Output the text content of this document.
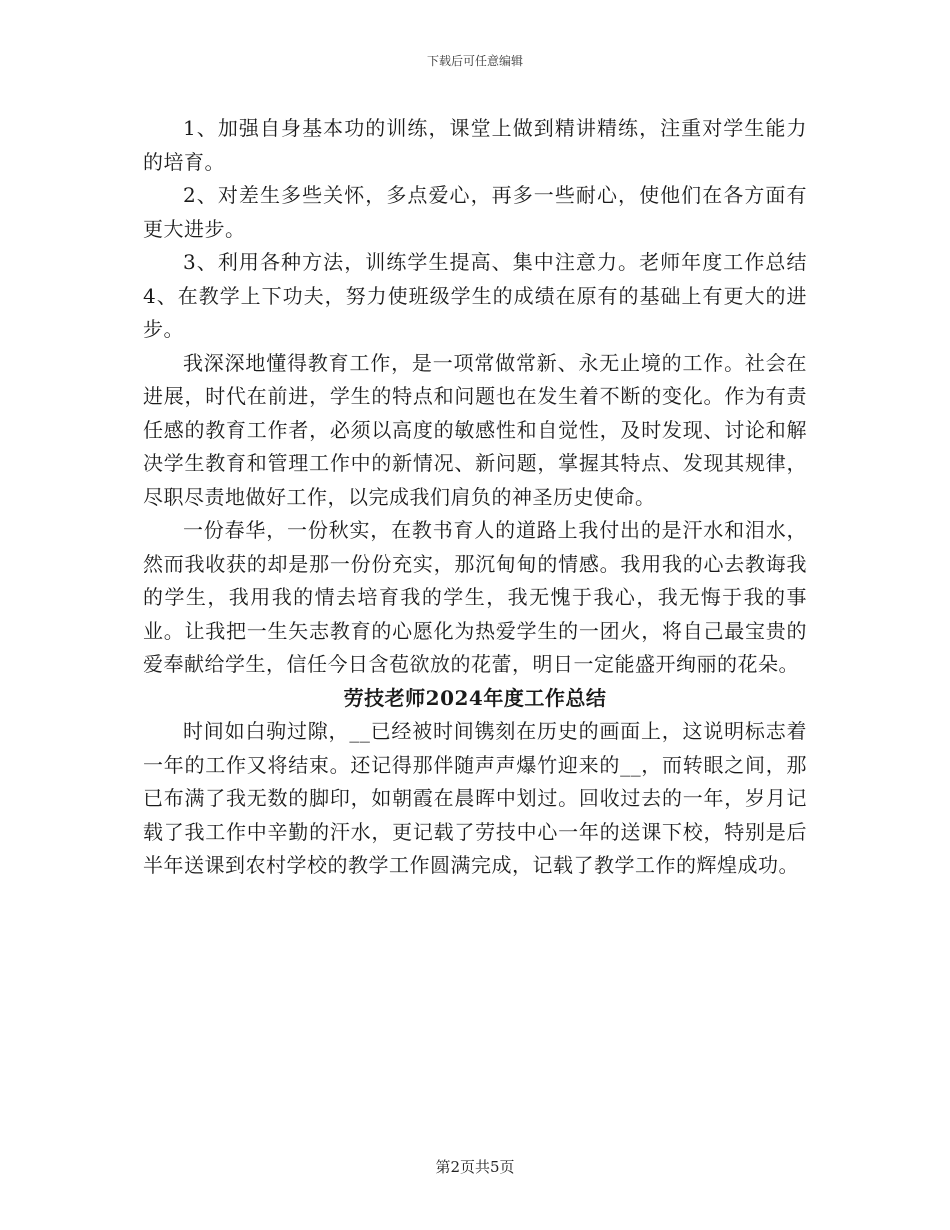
下载后可任意编辑

1、加强自身基本功的训练，课堂上做到精讲精练，注重对学生能力的培育。

2、对差生多些关怀，多点爱心，再多一些耐心，使他们在各方面有更大进步。

3、利用各种方法，训练学生提高、集中注意力。老师年度工作总结4、在教学上下功夫，努力使班级学生的成绩在原有的基础上有更大的进步。

我深深地懂得教育工作，是一项常做常新、永无止境的工作。社会在进展，时代在前进，学生的特点和问题也在发生着不断的变化。作为有责任感的教育工作者，必须以高度的敏感性和自觉性，及时发现、讨论和解决学生教育和管理工作中的新情况、新问题，掌握其特点、发现其规律，尽职尽责地做好工作，以完成我们肩负的神圣历史使命。

一份春华，一份秋实，在教书育人的道路上我付出的是汗水和泪水，然而我收获的却是那一份份充实，那沉甸甸的情感。我用我的心去教诲我的学生，我用我的情去培育我的学生，我无愧于我心，我无悔于我的事业。让我把一生矢志教育的心愿化为热爱学生的一团火，将自己最宝贵的爱奉献给学生，信任今日含苞欲放的花蕾，明日一定能盛开绚丽的花朵。

劳技老师2024年度工作总结

时间如白驹过隙，__已经被时间镌刻在历史的画面上，这说明标志着一年的工作又将结束。还记得那伴随声声爆竹迎来的__，而转眼之间，那已布满了我无数的脚印，如朝霞在晨晖中划过。回收过去的一年，岁月记载了我工作中辛勤的汗水，更记载了劳技中心一年的送课下校，特别是后半年送课到农村学校的教学工作圆满完成，记载了教学工作的辉煌成功。

第2页共5页
